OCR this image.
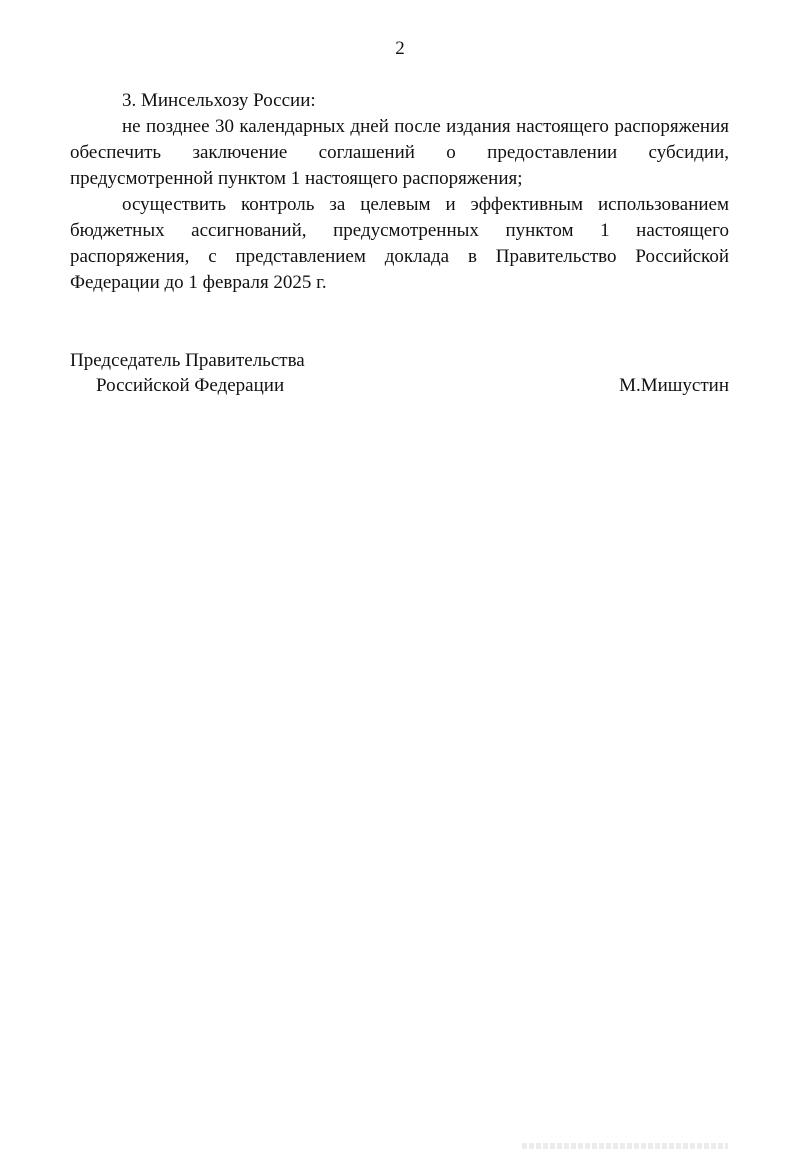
2

3. Минсельхозу России:

не позднее 30 календарных дней после издания настоящего распоряжения обеспечить заключение соглашений о предоставлении субсидии, предусмотренной пунктом 1 настоящего распоряжения;

осуществить контроль за целевым и эффективным использованием бюджетных ассигнований, предусмотренных пунктом 1 настоящего распоряжения, с представлением доклада в Правительство Российской Федерации до 1 февраля 2025 г.

Председатель Правительства
Российской Федерации	М.Мишустин
